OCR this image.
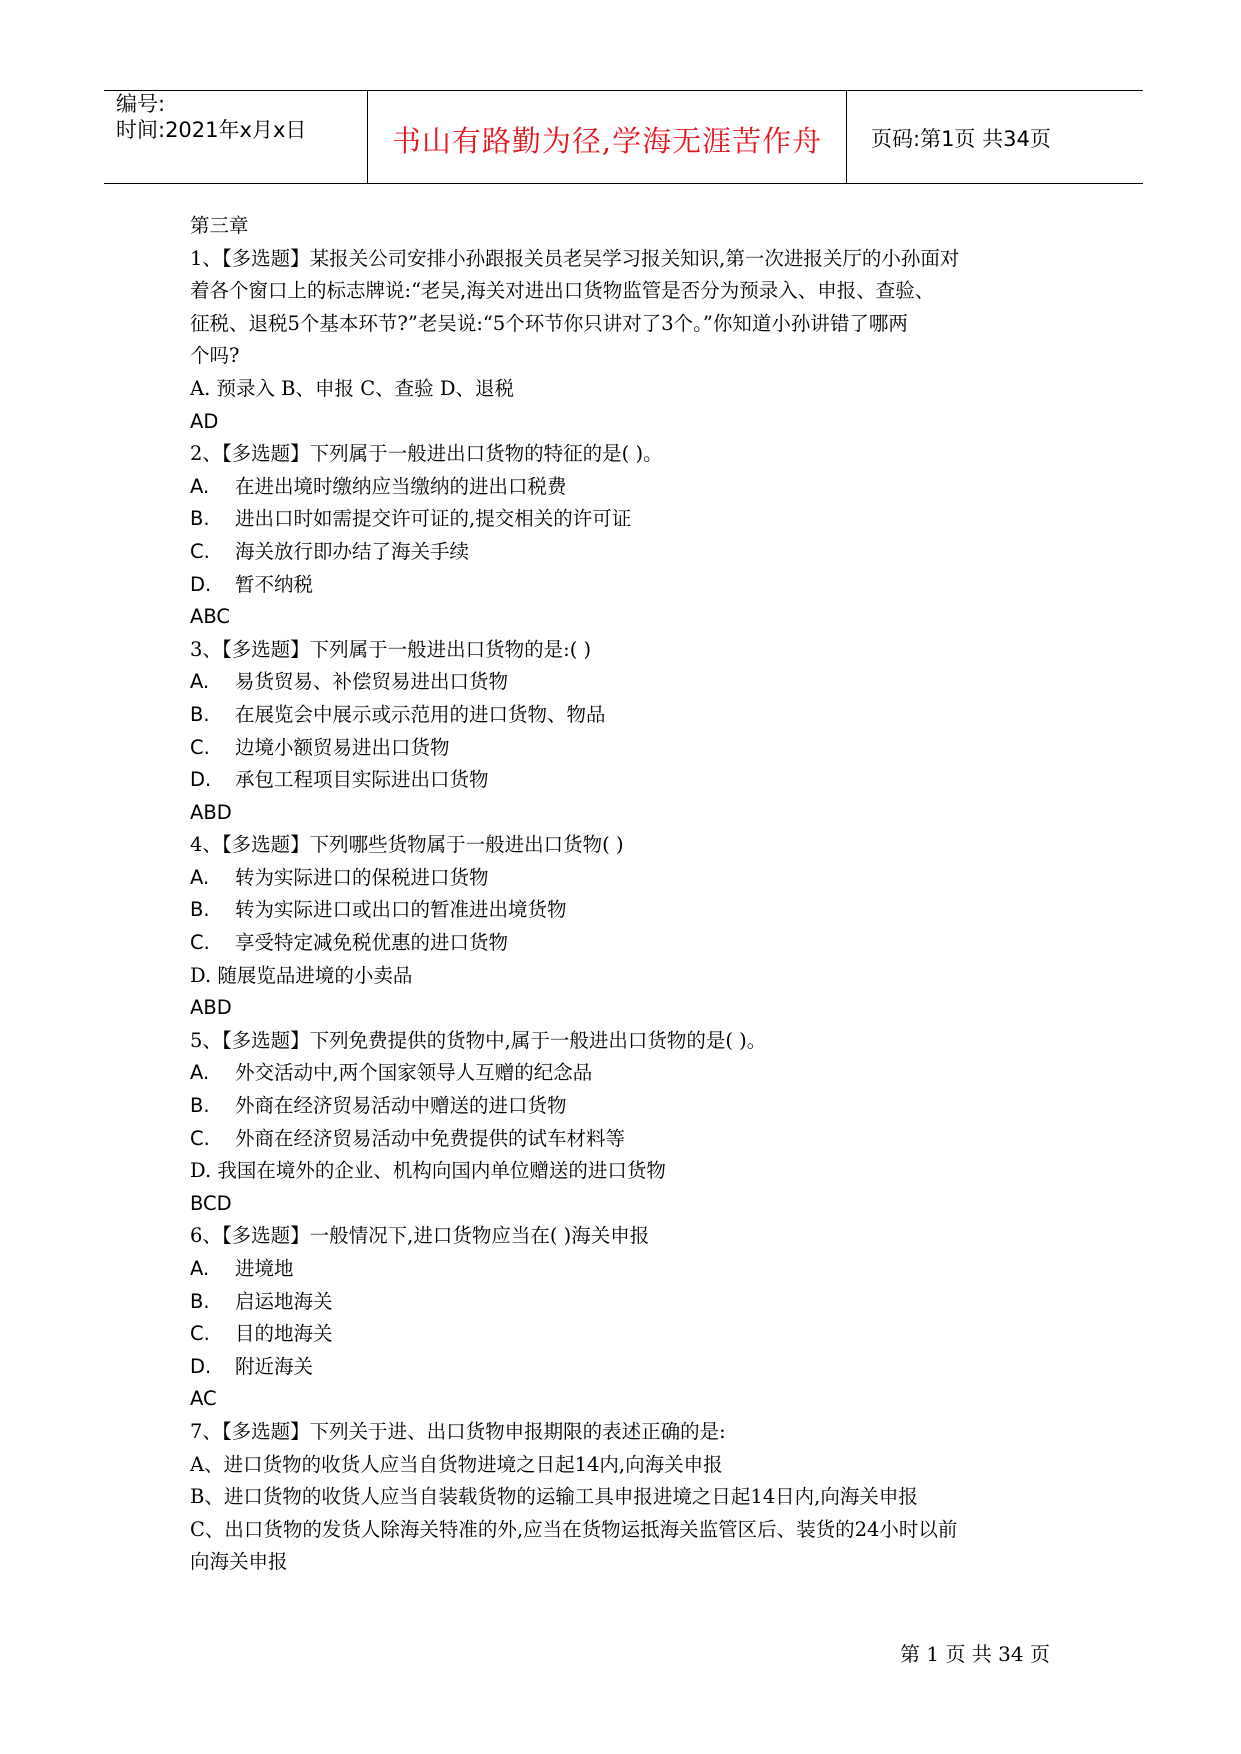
编号:
时间:2021年x月x日	书山有路勤为径,学海无涯苦作舟	页码:第1页 共34页
第三章
1、【多选题】某报关公司安排小孙跟报关员老吴学习报关知识,第一次进报关厅的小孙面对
着各个窗口上的标志牌说:“老吴,海关对进出口货物监管是否分为预录入、申报、查验、
征税、退税5个基本环节?”老吴说:“5个环节你只讲对了3个。”你知道小孙讲错了哪两
个吗?
A. 预录入 B、申报 C、查验 D、退税
AD
2、【多选题】下列属于一般进出口货物的特征的是( )。
A. 在进出境时缴纳应当缴纳的进出口税费
B. 进出口时如需提交许可证的,提交相关的许可证
C. 海关放行即办结了海关手续
D. 暂不纳税
ABC
3、【多选题】下列属于一般进出口货物的是:( )
A. 易货贸易、补偿贸易进出口货物
B. 在展览会中展示或示范用的进口货物、物品
C. 边境小额贸易进出口货物
D. 承包工程项目实际进出口货物
ABD
4、【多选题】下列哪些货物属于一般进出口货物( )
A. 转为实际进口的保税进口货物
B. 转为实际进口或出口的暂准进出境货物
C. 享受特定减免税优惠的进口货物
D. 随展览品进境的小卖品
ABD
5、【多选题】下列免费提供的货物中,属于一般进出口货物的是( )。
A. 外交活动中,两个国家领导人互赠的纪念品
B. 外商在经济贸易活动中赠送的进口货物
C. 外商在经济贸易活动中免费提供的试车材料等
D. 我国在境外的企业、机构向国内单位赠送的进口货物
BCD
6、【多选题】一般情况下,进口货物应当在( )海关申报
A. 进境地
B. 启运地海关
C. 目的地海关
D. 附近海关
AC
7、【多选题】下列关于进、出口货物申报期限的表述正确的是:
A、进口货物的收货人应当自货物进境之日起14内,向海关申报
B、进口货物的收货人应当自装载货物的运输工具申报进境之日起14日内,向海关申报
C、出口货物的发货人除海关特准的外,应当在货物运抵海关监管区后、装货的24小时以前
向海关申报
第 1 页 共 34 页
